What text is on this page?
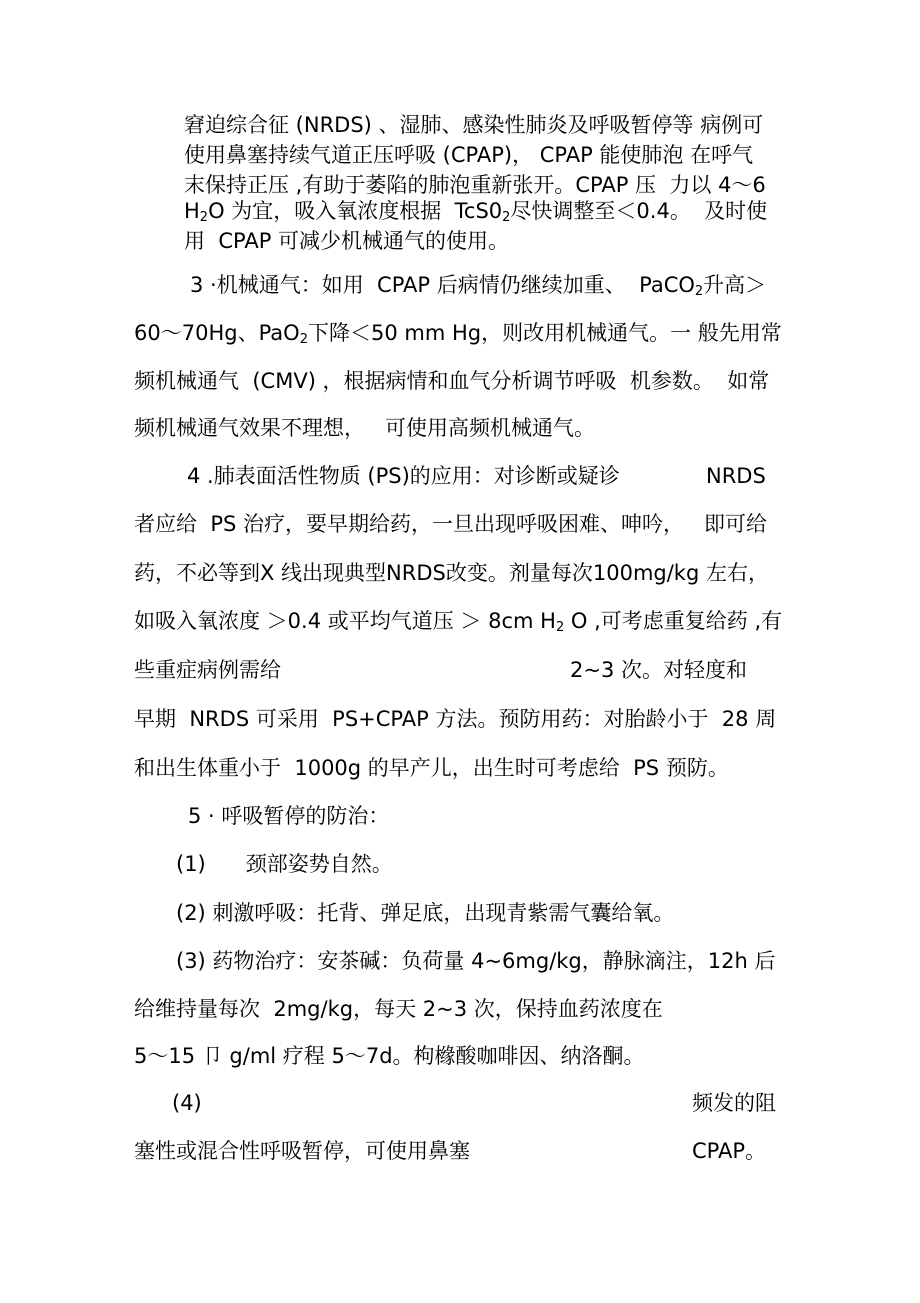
窘迫综合征 (NRDS) 、湿肺、感染性肺炎及呼吸暂停等 病例可

使用鼻塞持续气道正压呼吸 (CPAP)， CPAP 能使肺泡 在呼气

末保持正压 ,有助于萎陷的肺泡重新张开。CPAP 压  力以 4～6

$H_2O$ 为宜，吸入氧浓度根据  $TcS0_2$尽快调整至＜0.4。  及时使

用  CPAP 可减少机械通气的使用。

3 ·机械通气：如用  CPAP 后病情仍继续加重、  PaCO$_2$升高＞

60～70Hg、PaO$_2$下降＜50 mm Hg，则改用机械通气。一 般先用常

频机械通气  (CMV) ，根据病情和血气分析调节呼吸  机参数。  如常

频机械通气效果不理想，   可使用高频机械通气。

4 .肺表面活性物质 (PS)的应用：对诊断或疑诊	NRDS

者应给  PS 治疗，要早期给药，一旦出现呼吸困难、呻吟，   即可给

药，不必等到X 线出现典型NRDS改变。剂量每次100mg/kg 左右，

如吸入氧浓度 ＞0.4 或平均气道压 ＞ 8cm $H_2$ O ,可考虑重复给药 ,有

些重症病例需给	2~3 次。对轻度和

早期  NRDS 可采用  PS+CPAP 方法。预防用药：对胎龄小于  28 周

和出生体重小于  1000g 的早产儿，出生时可考虑给  PS 预防。

5 · 呼吸暂停的防治：

(1)      颈部姿势自然。

(2) 刺激呼吸：托背、弹足底，出现青紫需气囊给氧。

(3) 药物治疗：安茶碱：负荷量 4~6mg/kg，静脉滴注，12h 后

给维持量每次  2mg/kg，每天 2~3 次，保持血药浓度在

5～15 卩 g/ml 疗程 5～7d。枸橼酸咖啡因、纳洛酮。

(4)	频发的阻

塞性或混合性呼吸暂停，可使用鼻塞	CPAP。
